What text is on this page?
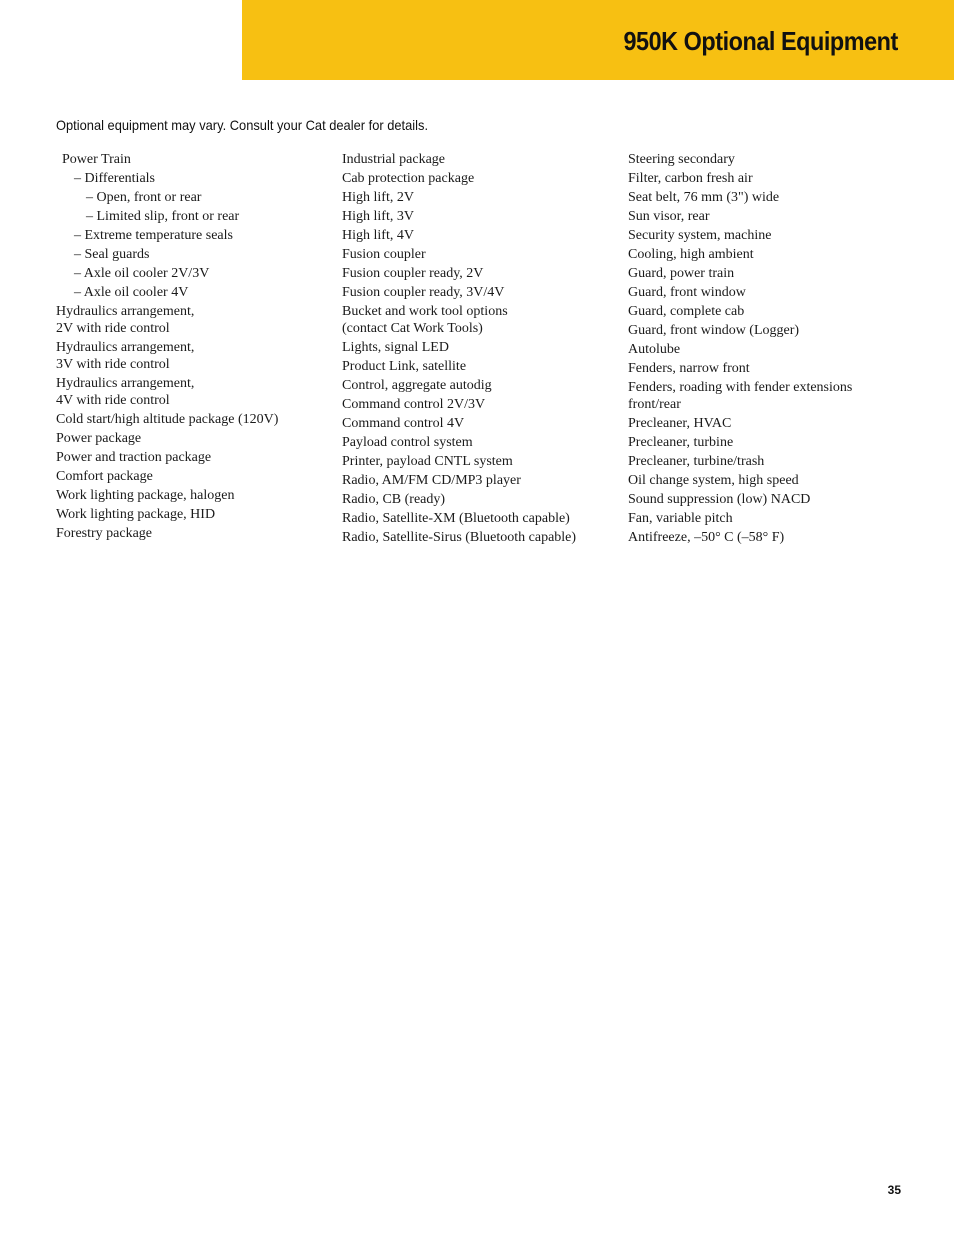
950K Optional Equipment

Optional equipment may vary. Consult your Cat dealer for details.

Power Train
– Differentials
– Open, front or rear
– Limited slip, front or rear
– Extreme temperature seals
– Seal guards
– Axle oil cooler 2V/3V
– Axle oil cooler 4V
Hydraulics arrangement,
2V with ride control
Hydraulics arrangement,
3V with ride control
Hydraulics arrangement,
4V with ride control
Cold start/high altitude package (120V)
Power package
Power and traction package
Comfort package
Work lighting package, halogen
Work lighting package, HID
Forestry package
Industrial package
Cab protection package
High lift, 2V
High lift, 3V
High lift, 4V
Fusion coupler
Fusion coupler ready, 2V
Fusion coupler ready, 3V/4V
Bucket and work tool options
(contact Cat Work Tools)
Lights, signal LED
Product Link, satellite
Control, aggregate autodig
Command control 2V/3V
Command control 4V
Payload control system
Printer, payload CNTL system
Radio, AM/FM CD/MP3 player
Radio, CB (ready)
Radio, Satellite-XM (Bluetooth capable)
Radio, Satellite-Sirus (Bluetooth capable)
Steering secondary
Filter, carbon fresh air
Seat belt, 76 mm (3") wide
Sun visor, rear
Security system, machine
Cooling, high ambient
Guard, power train
Guard, front window
Guard, complete cab
Guard, front window (Logger)
Autolube
Fenders, narrow front
Fenders, roading with fender extensions
front/rear
Precleaner, HVAC
Precleaner, turbine
Precleaner, turbine/trash
Oil change system, high speed
Sound suppression (low) NACD
Fan, variable pitch
Antifreeze, –50° C (–58° F)
35
